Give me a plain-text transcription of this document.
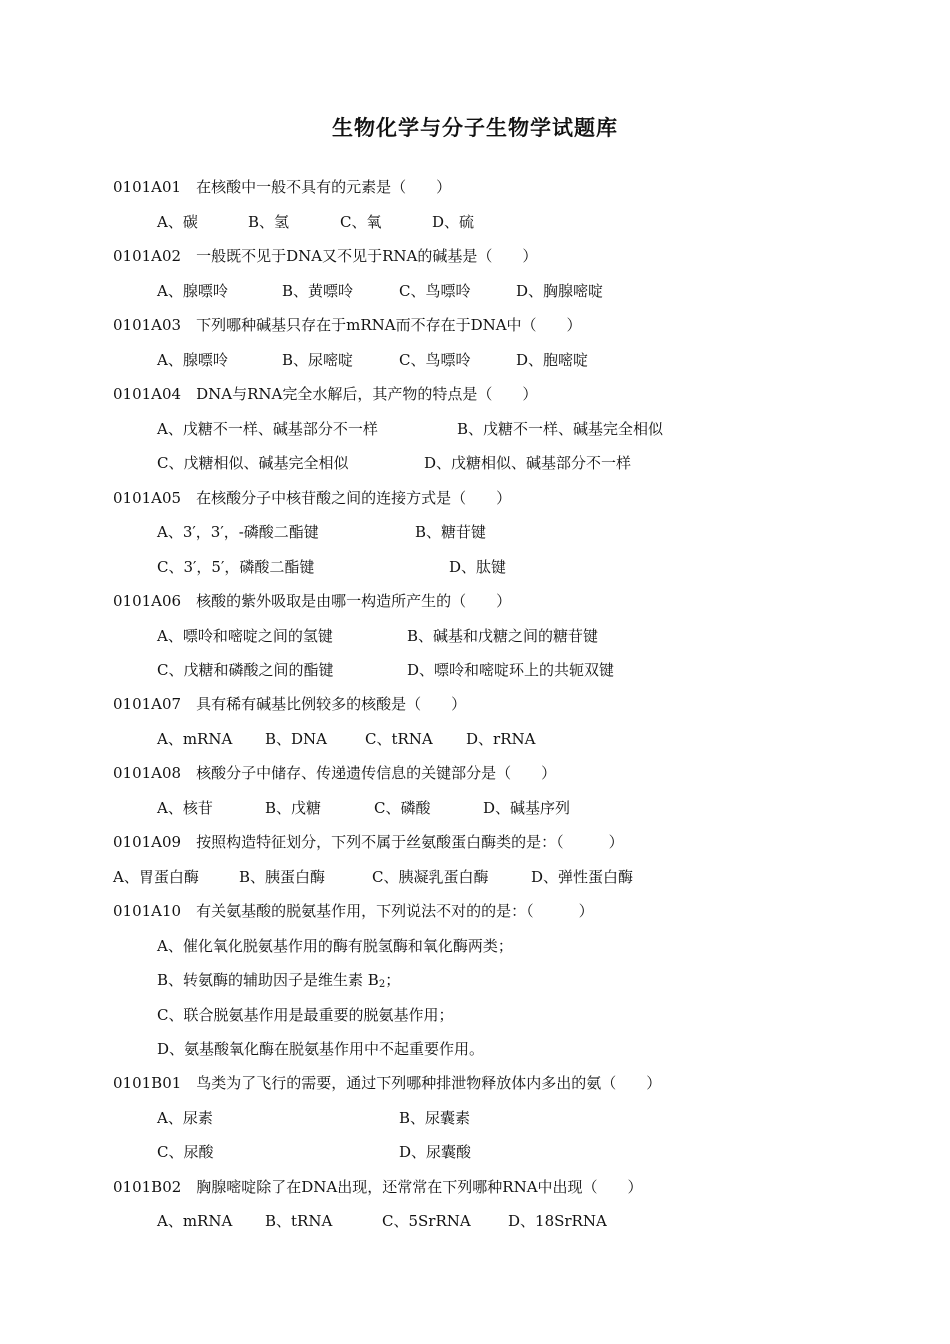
生物化学与分子生物学试题库
0101A01　在核酸中一般不具有的元素是（　　）
A、碳	B、氢	C、氧	D、硫
0101A02　一般既不见于DNA又不见于RNA的碱基是（　　）
A、腺嘌呤	B、黄嘌呤	C、鸟嘌呤	D、胸腺嘧啶
0101A03　下列哪种碱基只存在于mRNA而不存在于DNA中（　　）
A、腺嘌呤	B、尿嘧啶	C、鸟嘌呤	D、胞嘧啶
0101A04　DNA与RNA完全水解后，其产物的特点是（　　）
A、戊糖不一样、碱基部分不一样	B、戊糖不一样、碱基完全相似
C、戊糖相似、碱基完全相似	D、戊糖相似、碱基部分不一样
0101A05　在核酸分子中核苷酸之间的连接方式是（　　）
A、3′，3′，-磷酸二酯键	B、糖苷键
C、3′，5′，磷酸二酯键	D、肽键
0101A06　核酸的紫外吸取是由哪一构造所产生的（　　）
A、嘌呤和嘧啶之间的氢键	B、碱基和戊糖之间的糖苷键
C、戊糖和磷酸之间的酯键	D、嘌呤和嘧啶环上的共轭双键
0101A07　具有稀有碱基比例较多的核酸是（　　）
A、mRNA B、DNA	C、tRNA D、rRNA
0101A08　核酸分子中储存、传递遗传信息的关键部分是（　　）
A、核苷	B、戊糖	C、磷酸	D、碱基序列
0101A09　按照构造特征划分，下列不属于丝氨酸蛋白酶类的是：（　　　）
A、胃蛋白酶	B、胰蛋白酶	C、胰凝乳蛋白酶	D、弹性蛋白酶
0101A10　有关氨基酸的脱氨基作用，下列说法不对的的是：（　　　）
A、催化氧化脱氨基作用的酶有脱氢酶和氧化酶两类；
B、转氨酶的辅助因子是维生素 $B_2$；
C、联合脱氨基作用是最重要的脱氨基作用；
D、氨基酸氧化酶在脱氨基作用中不起重要作用。
0101B01　鸟类为了飞行的需要，通过下列哪种排泄物释放体内多出的氨（　　）
A、尿素	B、尿囊素
C、尿酸	D、尿囊酸
0101B02　胸腺嘧啶除了在DNA出现，还常常在下列哪种RNA中出现（　　）
A、mRNA B、tRNA	C、5SrRNA D、18SrRNA
